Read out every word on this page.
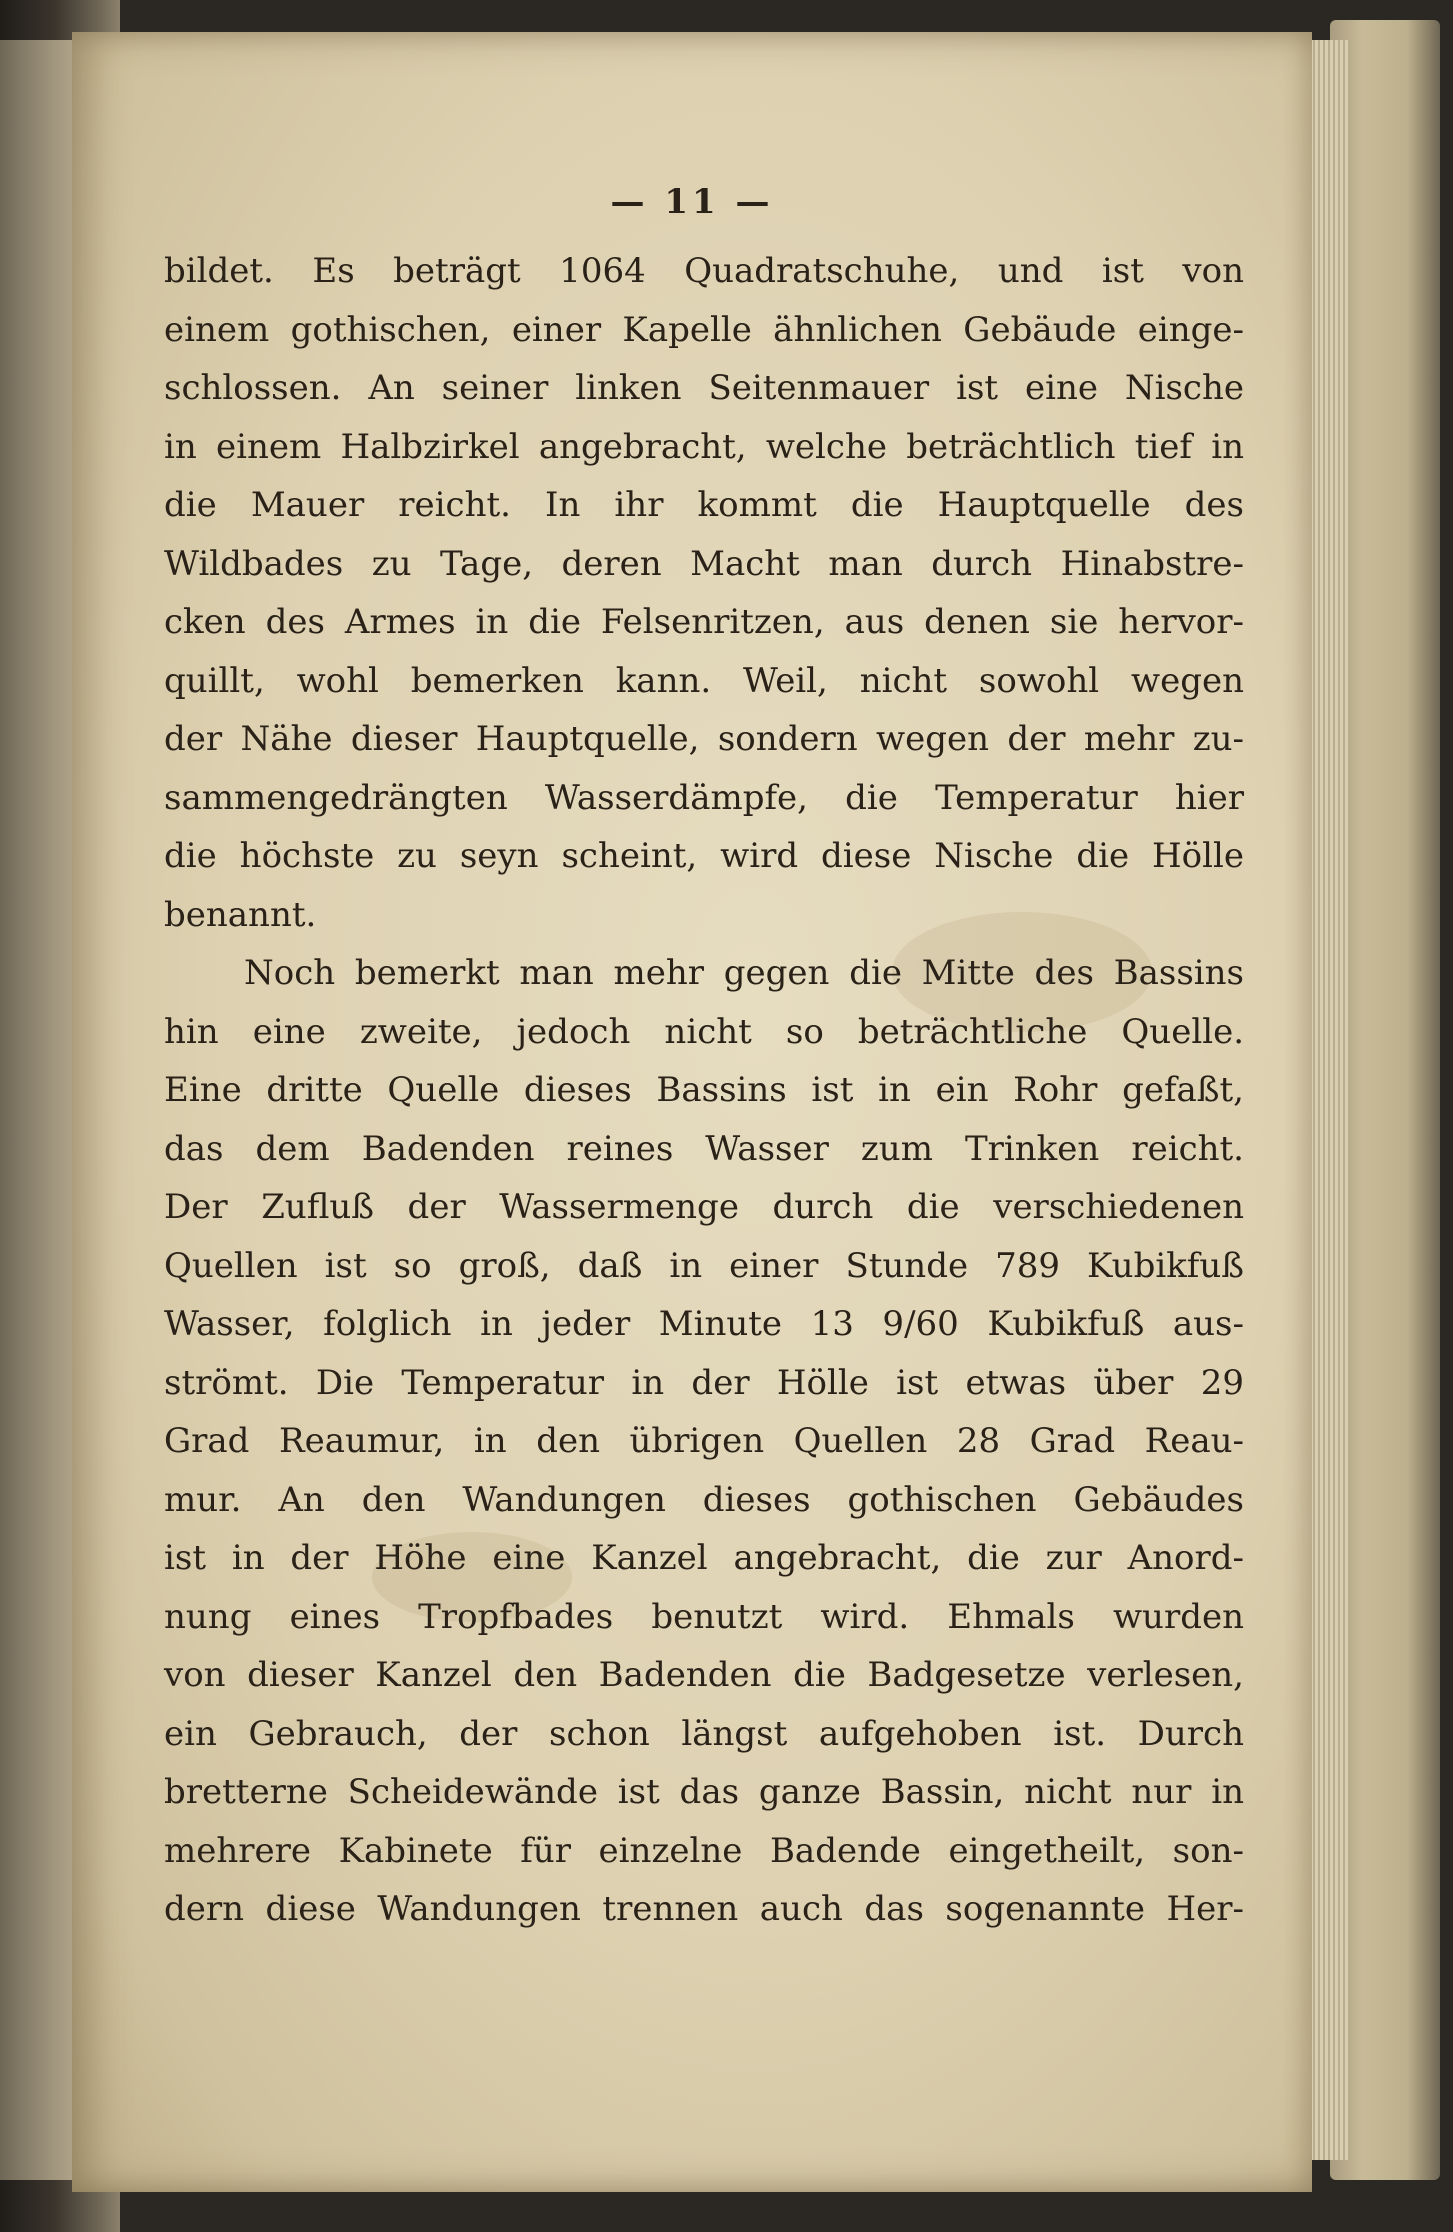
— 11 —
bildet. Es beträgt 1064 Quadratschuhe, und ist von
einem gothischen, einer Kapelle ähnlichen Gebäude einge-
schlossen. An seiner linken Seitenmauer ist eine Nische
in einem Halbzirkel angebracht, welche beträchtlich tief in
die Mauer reicht. In ihr kommt die Hauptquelle des
Wildbades zu Tage, deren Macht man durch Hinabstre-
cken des Armes in die Felsenritzen, aus denen sie hervor-
quillt, wohl bemerken kann. Weil, nicht sowohl wegen
der Nähe dieser Hauptquelle, sondern wegen der mehr zu-
sammengedrängten Wasserdämpfe, die Temperatur hier
die höchste zu seyn scheint, wird diese Nische die Hölle
benannt.
Noch bemerkt man mehr gegen die Mitte des Bassins
hin eine zweite, jedoch nicht so beträchtliche Quelle.
Eine dritte Quelle dieses Bassins ist in ein Rohr gefaßt,
das dem Badenden reines Wasser zum Trinken reicht.
Der Zufluß der Wassermenge durch die verschiedenen
Quellen ist so groß, daß in einer Stunde 789 Kubikfuß
Wasser, folglich in jeder Minute 13 9/60 Kubikfuß aus-
strömt. Die Temperatur in der Hölle ist etwas über 29
Grad Reaumur, in den übrigen Quellen 28 Grad Reau-
mur. An den Wandungen dieses gothischen Gebäudes
ist in der Höhe eine Kanzel angebracht, die zur Anord-
nung eines Tropfbades benutzt wird. Ehmals wurden
von dieser Kanzel den Badenden die Badgesetze verlesen,
ein Gebrauch, der schon längst aufgehoben ist. Durch
bretterne Scheidewände ist das ganze Bassin, nicht nur in
mehrere Kabinete für einzelne Badende eingetheilt, son-
dern diese Wandungen trennen auch das sogenannte Her-
